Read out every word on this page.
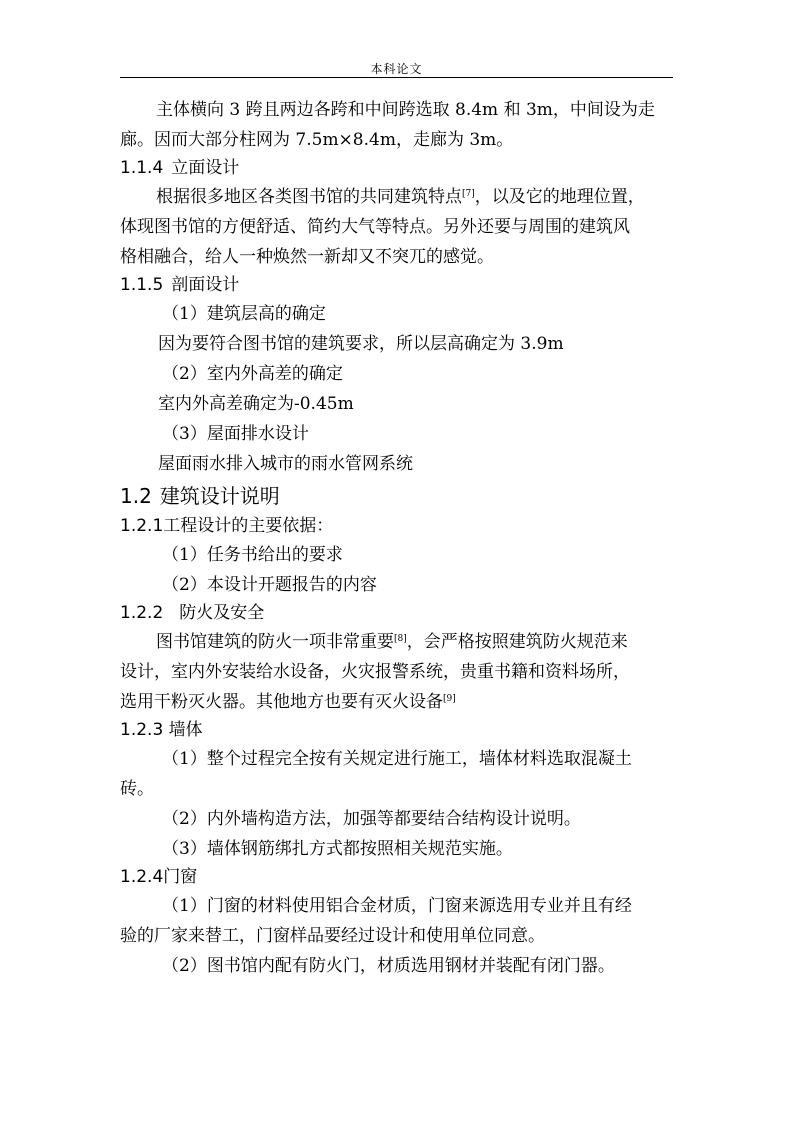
本科论文
主体横向 3 跨且两边各跨和中间跨选取 8.4m 和 3m，中间设为走
廊。因而大部分柱网为 7.5m×8.4m，走廊为 3m。
1.1.4 立面设计
根据很多地区各类图书馆的共同建筑特点[7]，以及它的地理位置，
体现图书馆的方便舒适、简约大气等特点。另外还要与周围的建筑风
格相融合，给人一种焕然一新却又不突兀的感觉。
1.1.5 剖面设计
（1）建筑层高的确定
因为要符合图书馆的建筑要求，所以层高确定为 3.9m
（2）室内外高差的确定
室内外高差确定为-0.45m
（3）屋面排水设计
屋面雨水排入城市的雨水管网系统
1.2 建筑设计说明
1.2.1工程设计的主要依据：
（1）任务书给出的要求
（2）本设计开题报告的内容
1.2.2 防火及安全
图书馆建筑的防火一项非常重要[8]，会严格按照建筑防火规范来
设计，室内外安装给水设备，火灾报警系统，贵重书籍和资料场所，
选用干粉灭火器。其他地方也要有灭火设备[9]
1.2.3 墙体
（1）整个过程完全按有关规定进行施工，墙体材料选取混凝土
砖。
（2）内外墙构造方法，加强等都要结合结构设计说明。
（3）墙体钢筋绑扎方式都按照相关规范实施。
1.2.4门窗
（1）门窗的材料使用铝合金材质，门窗来源选用专业并且有经
验的厂家来替工，门窗样品要经过设计和使用单位同意。
（2）图书馆内配有防火门，材质选用钢材并装配有闭门器。
